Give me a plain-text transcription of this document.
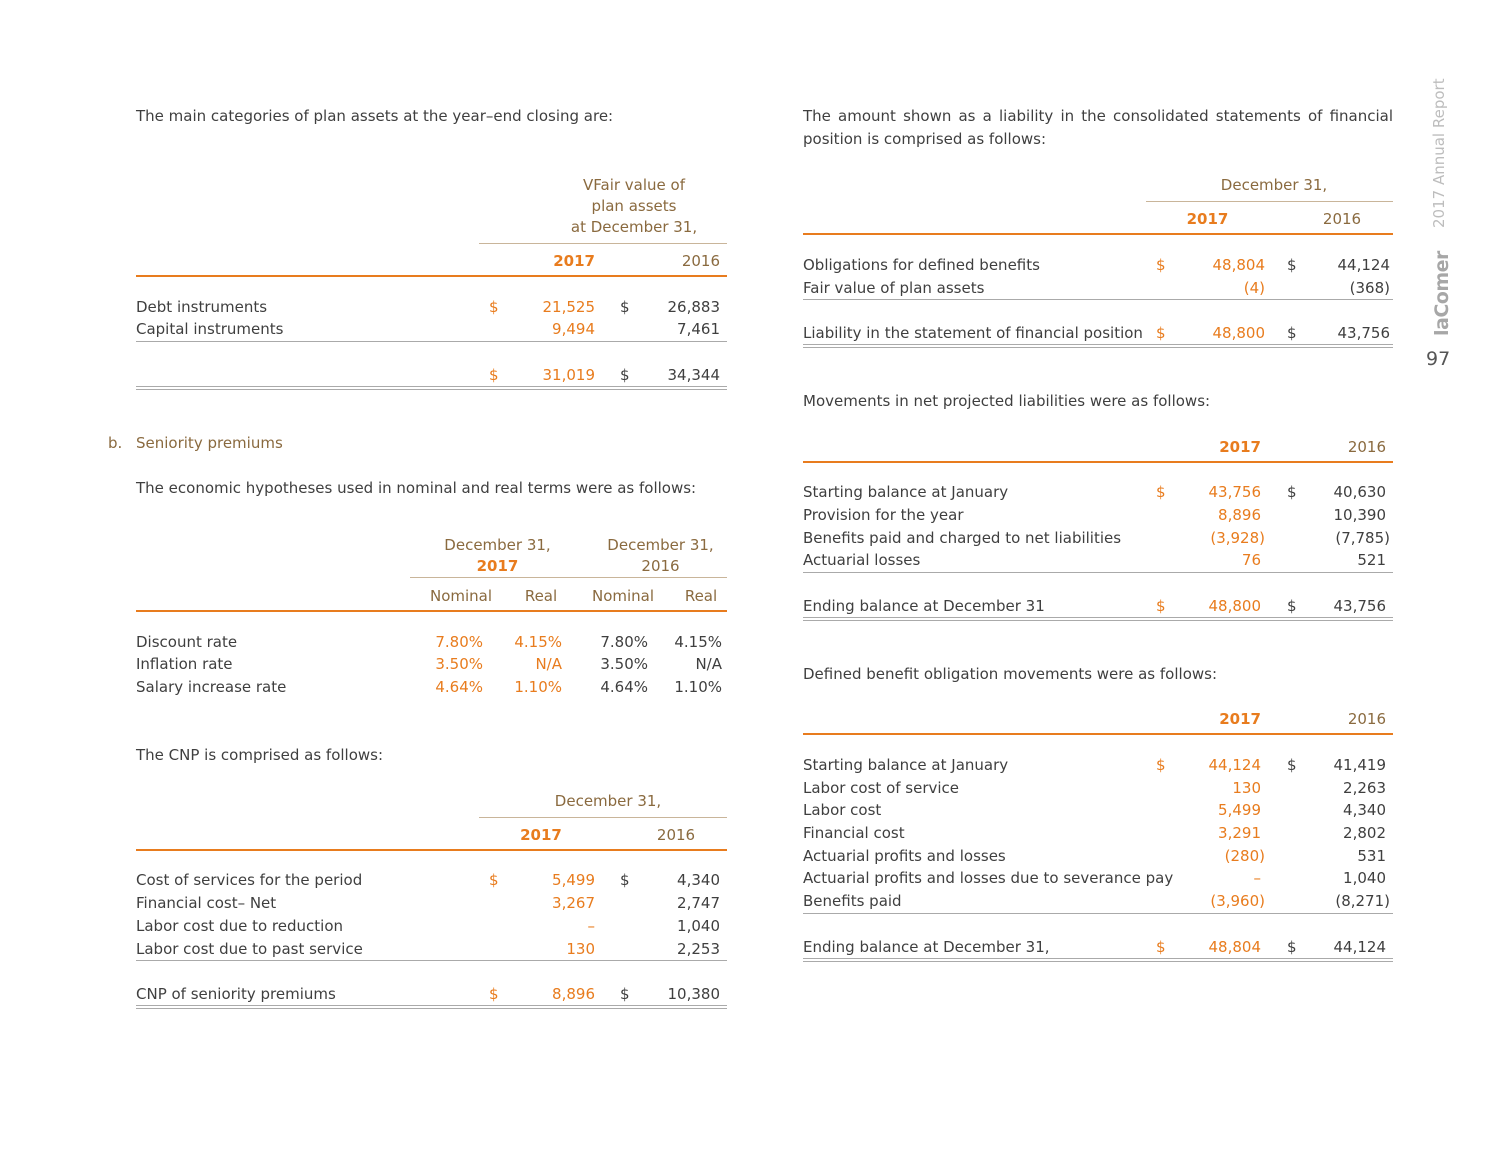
2017 Annual Report
laComer
97
The main categories of plan assets at the year–end closing are:
VFair value of
plan assets
at December 31,
2017	2016
Debt instruments	$	21,525 $	26,883
Capital instruments	9,494	7,461
$	31,019 $	34,344
b. Seniority premiums
The economic hypotheses used in nominal and real terms were as follows:
December 31,
2017
December 31,
2016
Nominal	Real	Nominal	Real
Discount rate	7.80%	4.15%	7.80%	4.15%
Inflation rate	3.50%	N/A	3.50%	N/A
Salary increase rate	4.64%	1.10%	4.64%	1.10%
The CNP is comprised as follows:
December 31,
2017	2016
Cost of services for the period	$	5,499 $	4,340
Financial cost– Net	3,267	2,747
Labor cost due to reduction	–	1,040
Labor cost due to past service	130	2,253
CNP of seniority premiums	$	8,896 $	10,380
The amount shown as a liability in the consolidated statements of financial position is comprised as follows:
December 31,
2017	2016
Obligations for defined benefits	$	48,804 $	44,124
Fair value of plan assets	(4)	(368)
Liability in the statement of financial position $	48,800 $	43,756
Movements in net projected liabilities were as follows:
2017	2016
Starting balance at January	$	43,756 $	40,630
Provision for the year	8,896	10,390
Benefits paid and charged to net liabilities	(3,928)	(7,785)
Actuarial losses	76	521
Ending balance at December 31	$	48,800 $	43,756
Defined benefit obligation movements were as follows:
2017	2016
Starting balance at January	$	44,124 $	41,419
Labor cost of service	130	2,263
Labor cost	5,499	4,340
Financial cost	3,291	2,802
Actuarial profits and losses	(280)	531
Actuarial profits and losses due to severance pay	–	1,040
Benefits paid	(3,960)	(8,271)
Ending balance at December 31,	$	48,804 $	44,124
